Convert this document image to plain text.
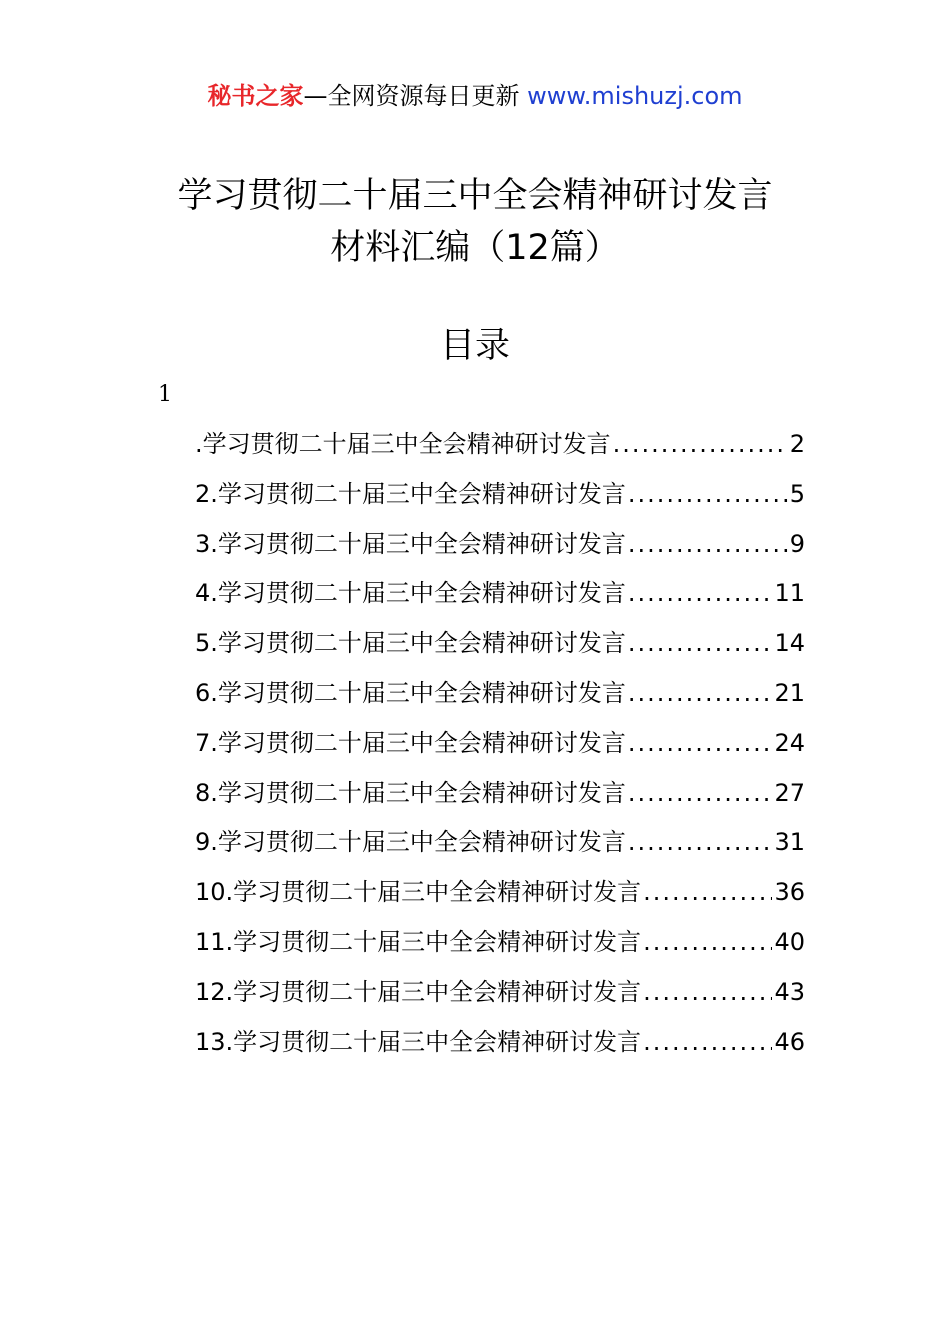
秘书之家—全网资源每日更新 www.mishuzj.com
学习贯彻二十届三中全会精神研讨发言
材料汇编（12篇）
目录
1
.学习贯彻二十届三中全会精神研讨发言 .....	2
2.学习贯彻二十届三中全会精神研讨发言 .....	5
3.学习贯彻二十届三中全会精神研讨发言 .....	9
4.学习贯彻二十届三中全会精神研讨发言 .....	11
5.学习贯彻二十届三中全会精神研讨发言 .....	14
6.学习贯彻二十届三中全会精神研讨发言 .....	21
7.学习贯彻二十届三中全会精神研讨发言 .....	24
8.学习贯彻二十届三中全会精神研讨发言 .....	27
9.学习贯彻二十届三中全会精神研讨发言 .....	31
10.学习贯彻二十届三中全会精神研讨发言 .....	36
11.学习贯彻二十届三中全会精神研讨发言 .....	40
12.学习贯彻二十届三中全会精神研讨发言 .....	43
13.学习贯彻二十届三中全会精神研讨发言 .....	46
